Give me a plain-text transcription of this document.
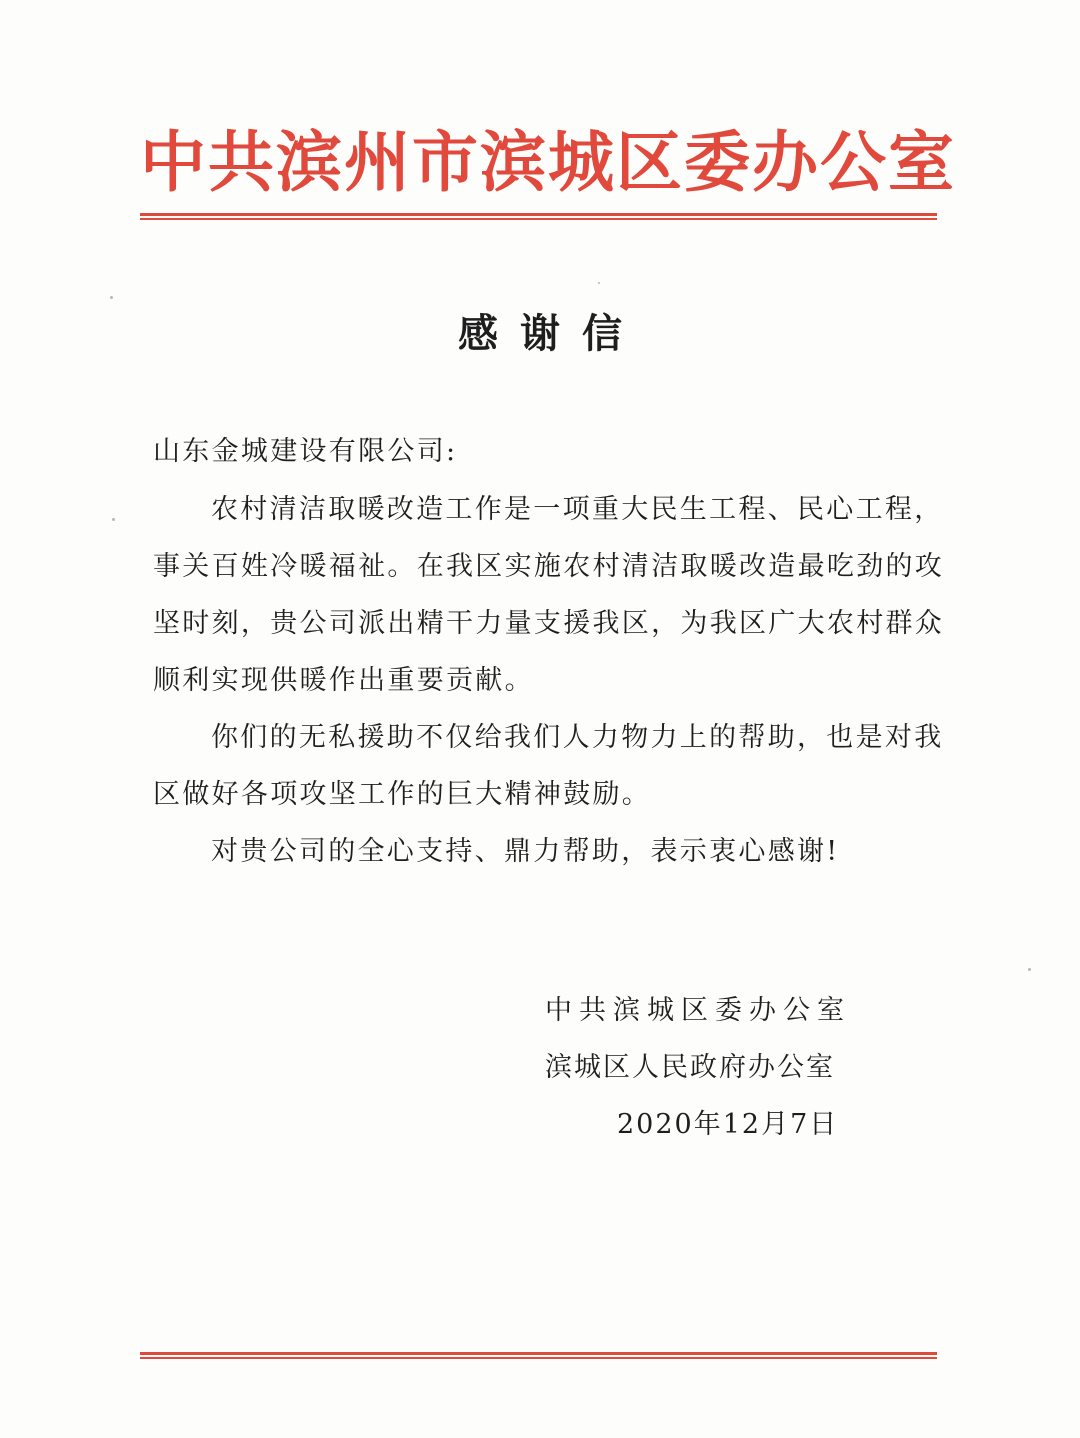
中共滨州市滨城区委办公室
感谢信
山东金城建设有限公司:

农村清洁取暖改造工作是一项重大民生工程、民心工程，事关百姓冷暖福祉。在我区实施农村清洁取暖改造最吃劲的攻坚时刻，贵公司派出精干力量支援我区，为我区广大农村群众顺利实现供暖作出重要贡献。

你们的无私援助不仅给我们人力物力上的帮助，也是对我区做好各项攻坚工作的巨大精神鼓励。

对贵公司的全心支持、鼎力帮助，表示衷心感谢!

中共滨城区委办公室
滨城区人民政府办公室
2020年12月7日
